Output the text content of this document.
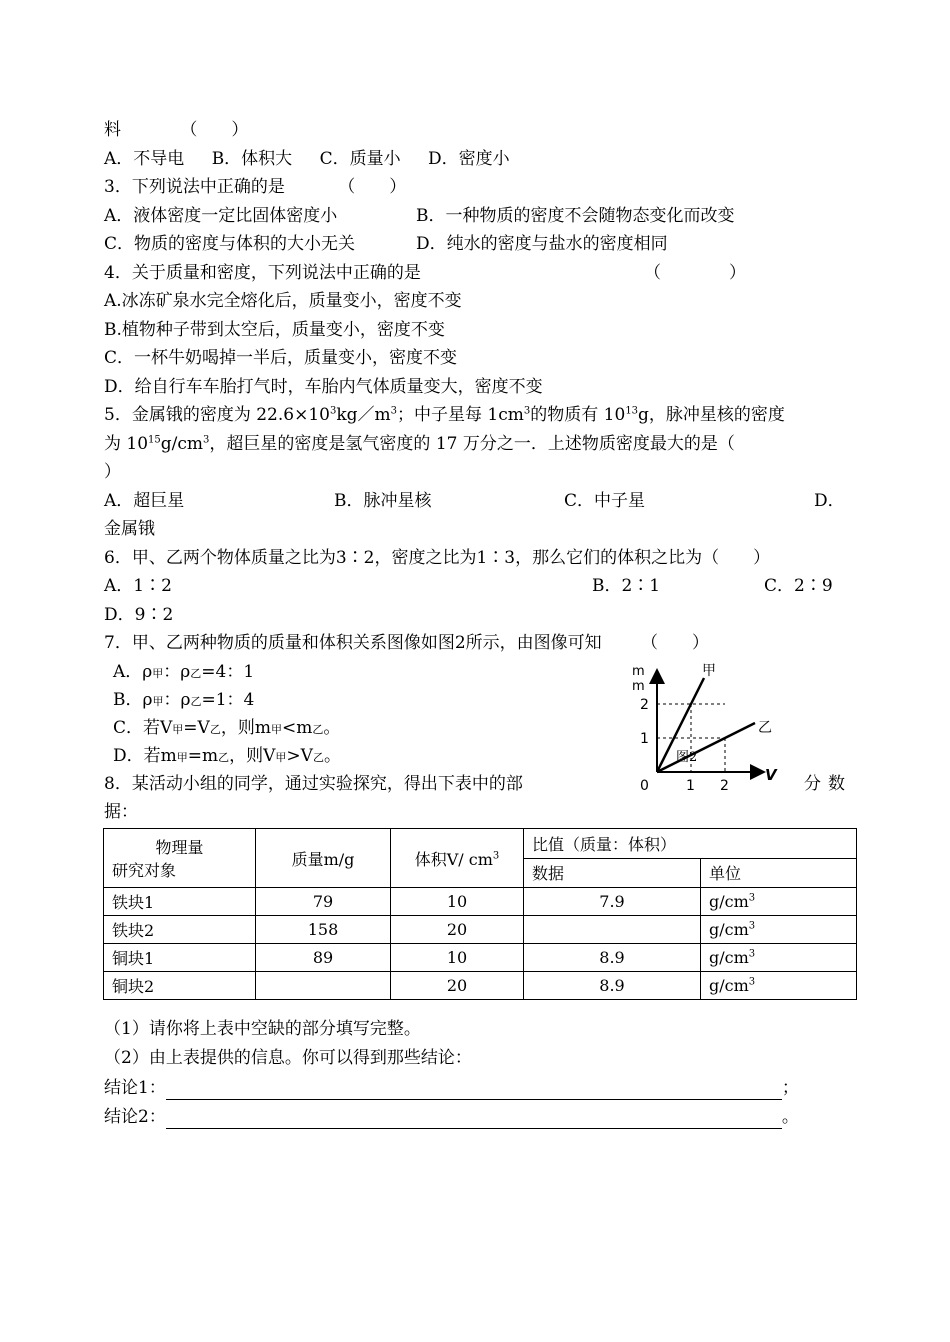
料	（　　）
A．不导电 B．体积大 C．质量小 D．密度小
3．下列说法中正确的是	（　　）
A．液体密度一定比固体密度小	B．一种物质的密度不会随物态变化而改变
C．物质的密度与体积的大小无关	D．纯水的密度与盐水的密度相同
4．关于质量和密度，下列说法中正确的是	（　　　　）
A.冰冻矿泉水完全熔化后，质量变小，密度不变
B.植物种子带到太空后，质量变小，密度不变
C．一杯牛奶喝掉一半后，质量变小，密度不变
D．给自行车车胎打气时，车胎内气体质量变大，密度不变
5．金属锇的密度为 $22.6\times 10^3kg/m^3$；中子星每 $1cm^3$的物质有 $10^{13}g$，脉冲星核的密度
为 $10^{15}g/cm^3$，超巨星的密度是氢气密度的 17 万分之一．上述物质密度最大的是（
）
A．超巨星	B．脉冲星核	C．中子星	D．
金属锇
6．甲、乙两个物体质量之比为3∶2，密度之比为1∶3，那么它们的体积之比为（　　）
A．1∶2	B．2∶1	C．2∶9
D．9∶2
7．甲、乙两种物质的质量和体积关系图像如图2所示，由图像可知 （　　）
A．ρ甲：ρ乙=4：1
B．ρ甲：ρ乙=1：4
C．若V甲=V乙，则m甲<m乙。
D．若m甲=m乙，则V甲>V乙。
m
m
V
0
2
1
1 2
甲
乙
图2
8．某活动小组的同学，通过实验探究，得出下表中的部	分数
据：
物理量
研究对象	质量m/g	体积V/ $cm^3$	比值（质量：体积）	
			数据	单位
铁块1	79	10	7.9	$g/cm^3$
铁块2	158	20		$g/cm^3$
铜块1	89	10	8.9	$g/cm^3$
铜块2		20	8.9	$g/cm^3$
（1）请你将上表中空缺的部分填写完整。
（2）由上表提供的信息。你可以得到那些结论：
结论1：	；
结论2：	。
